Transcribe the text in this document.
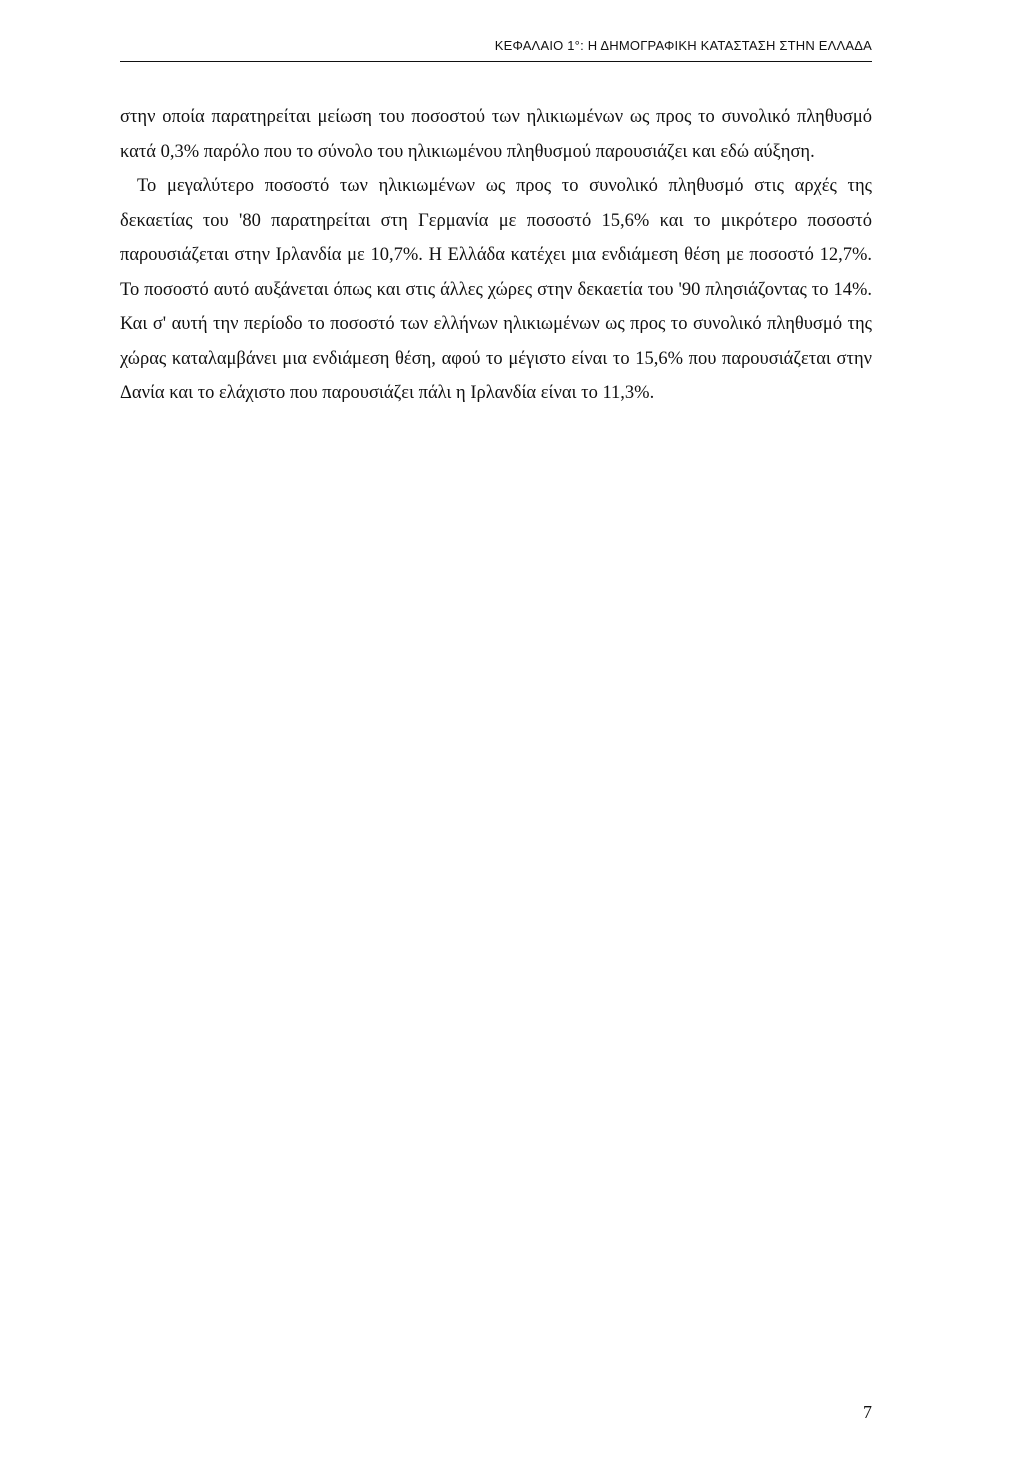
ΚΕΦΑΛΑΙΟ 1°: Η ΔΗΜΟΓΡΑΦΙΚΗ ΚΑΤΑΣΤΑΣΗ ΣΤΗΝ ΕΛΛΑΔΑ

στην οποία παρατηρείται μείωση του ποσοστού των ηλικιωμένων ως προς το συνολικό πληθυσμό κατά 0,3% παρόλο που το σύνολο του ηλικιωμένου πληθυσμού παρουσιάζει και εδώ αύξηση.

Το μεγαλύτερο ποσοστό των ηλικιωμένων ως προς το συνολικό πληθυσμό στις αρχές της δεκαετίας του '80 παρατηρείται στη Γερμανία με ποσοστό 15,6% και το μικρότερο ποσοστό παρουσιάζεται στην Ιρλανδία με 10,7%. Η Ελλάδα κατέχει μια ενδιάμεση θέση με ποσοστό 12,7%. Το ποσοστό αυτό αυξάνεται όπως και στις άλλες χώρες στην δεκαετία του '90 πλησιάζοντας το 14%. Και σ' αυτή την περίοδο το ποσοστό των ελλήνων ηλικιωμένων ως προς το συνολικό πληθυσμό της χώρας καταλαμβάνει μια ενδιάμεση θέση, αφού το μέγιστο είναι το 15,6% που παρουσιάζεται στην Δανία και το ελάχιστο που παρουσιάζει πάλι η Ιρλανδία είναι το 11,3%.

7
